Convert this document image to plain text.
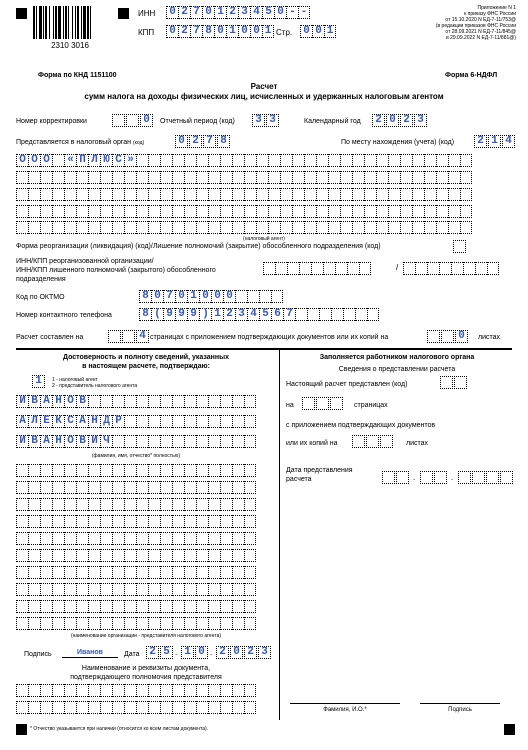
2310 3016
ИНН 0 2 7 0 1 2 3 4 5 0 - -
КПП 0 2 7 8 0 1 0 0 1 Стр. 0 0 1
Приложение N 1
к приказу ФНС России
от 15.10.2020 N ЕД-7-11/753@
(в редакции приказов ФНС России
от 28.09.2021 N ЕД-7-11/845@
и 29.09.2022 N ЕД-7-11/881@)
Форма по КНД 1151100	Форма 6-НДФЛ
Расчет
сумм налога на доходы физических лиц, исчисленных и удержанных налоговым агентом
Номер корректировки	0	Отчетный период (код) 3 3	Календарный год 2 0 2 3
Представляется в налоговый орган (код)	0 2 7 8	По месту нахождения (учета) (код) 2 1 4
О О О « П Л Ю С »
(налоговый агент)
Форма реорганизации (ликвидация) (код)/Лишение полномочий (закрытие) обособленного подразделения (код)
ИНН/КПП реорганизованной организации/
ИНН/КПП лишенного полномочий (закрытого) обособленного
подразделения
/
Код по ОКТМО	8 0 7 0 1 0 0 0
Номер контактного телефона	8 ( 9 9 9 ) 1 2 3 4 5 6 7
Расчет составлен на	4 страницах с приложением подтверждающих документов или их копий на	0	листах
Достоверность и полноту сведений, указанных
в настоящем расчете, подтверждаю:
1	1 - налоговый агент
2 - представитель налогового агента
И В А Н О В
А Л Е К С А Н Д Р
И В А Н О В И Ч
(фамилия, имя, отчество* полностью)
(наименование организации - представителя налогового агента)
Подпись	Иванов	Дата 2 5 . 1 0 . 2 0 2 3
Наименование и реквизиты документа,
подтверждающего полномочия представителя
* Отчество указывается при наличии (относится ко всем листам документа).
Заполняется работником налогового органа
Сведения о представлении расчета
Настоящий расчет представлен (код)
на	страницах
с приложением подтверждающих документов
или их копий на	листах
Дата представления
расчета	.	.
Фамилия, И.О.*	Подпись
